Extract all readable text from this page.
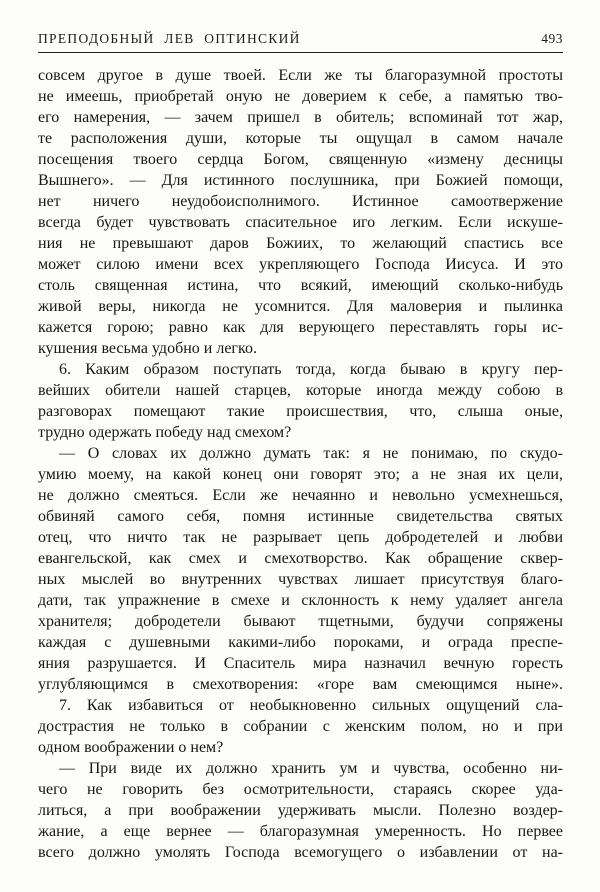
ПРЕПОДОБНЫЙ ЛЕВ ОПТИНСКИЙ	493
совсем другое в душе твоей. Если же ты благоразумной простоты
не имеешь, приобретай оную не доверием к себе, а памятью тво-
его намерения, — зачем пришел в обитель; вспоминай тот жар,
те расположения души, которые ты ощущал в самом начале
посещения твоего сердца Богом, священную «измену десницы
Вышнего». — Для истинного послушника, при Божией помощи,
нет ничего неудобоисполнимого. Истинное самоотвержение
всегда будет чувствовать спасительное иго легким. Если искуше-
ния не превышают даров Божиих, то желающий спастись все
может силою имени всех укрепляющего Господа Иисуса. И это
столь священная истина, что всякий, имеющий сколько-нибудь
живой веры, никогда не усомнится. Для маловерия и пылинка
кажется горою; равно как для верующего переставлять горы ис-
кушения весьма удобно и легко.
6. Каким образом поступать тогда, когда бываю в кругу пер-
вейших обители нашей старцев, которые иногда между собою в
разговорах помещают такие происшествия, что, слыша оные,
трудно одержать победу над смехом?
— О словах их должно думать так: я не понимаю, по скудо-
умию моему, на какой конец они говорят это; а не зная их цели,
не должно смеяться. Если же нечаянно и невольно усмехнешься,
обвиняй самого себя, помня истинные свидетельства святых
отец, что ничто так не разрывает цепь добродетелей и любви
евангельской, как смех и смехотворство. Как обращение сквер-
ных мыслей во внутренних чувствах лишает присутствуя благо-
дати, так упражнение в смехе и склонность к нему удаляет ангела
хранителя; добродетели бывают тщетными, будучи сопряжены
каждая с душевными какими-либо пороками, и ограда преспе-
яния разрушается. И Спаситель мира назначил вечную горесть
углубляющимся в смехотворения: «горе вам смеющимся ныне».
7. Как избавиться от необыкновенно сильных ощущений сла-
дострастия не только в собрании с женским полом, но и при
одном воображении о нем?
— При виде их должно хранить ум и чувства, особенно ни-
чего не говорить без осмотрительности, стараясь скорее уда-
литься, а при воображении удерживать мысли. Полезно воздер-
жание, а еще вернее — благоразумная умеренность. Но первее
всего должно умолять Господа всемогущего о избавлении от на-
